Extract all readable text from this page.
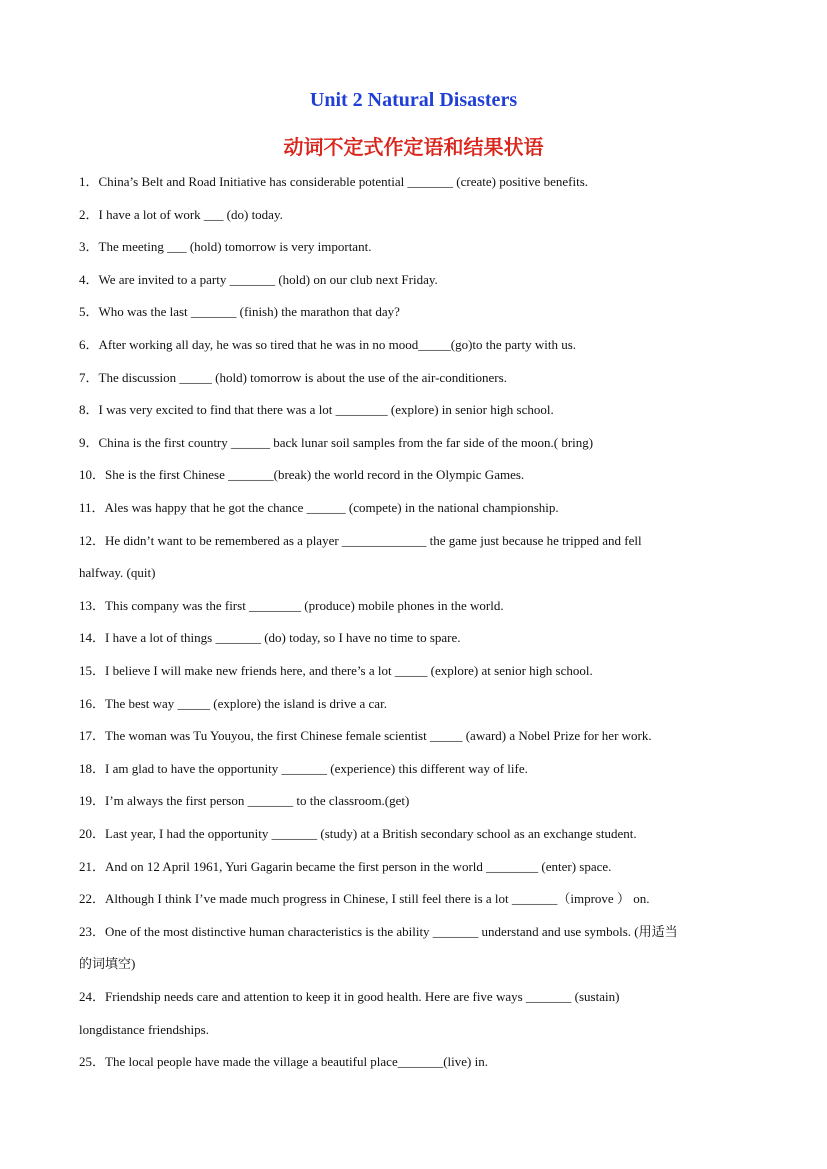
Unit 2 Natural Disasters
动词不定式作定语和结果状语
1．China’s Belt and Road Initiative has considerable potential _______ (create) positive benefits.
2．I have a lot of work ___ (do) today.
3．The meeting ___ (hold) tomorrow is very important.
4．We are invited to a party _______ (hold) on our club next Friday.
5．Who was the last _______ (finish) the marathon that day?
6．After working all day, he was so tired that he was in no mood_____(go)to the party with us.
7．The discussion _____ (hold) tomorrow is about the use of the air-conditioners.
8．I was very excited to find that there was a lot ________ (explore) in senior high school.
9．China is the first country ______ back lunar soil samples from the far side of the moon.( bring)
10．She is the first Chinese _______(break) the world record in the Olympic Games.
11．Ales was happy that he got the chance ______ (compete) in the national championship.
12．He didn’t want to be remembered as a player _____________ the game just because he tripped and fell
halfway. (quit)
13．This company was the first ________ (produce) mobile phones in the world.
14．I have a lot of things _______ (do) today, so I have no time to spare.
15．I believe I will make new friends here, and there’s a lot _____ (explore) at senior high school.
16．The best way _____ (explore) the island is drive a car.
17．The woman was Tu Youyou, the first Chinese female scientist _____ (award) a Nobel Prize for her work.
18．I am glad to have the opportunity _______ (experience) this different way of life.
19．I’m always the first person _______ to the classroom.(get)
20．Last year, I had the opportunity _______ (study) at a British secondary school as an exchange student.
21．And on 12 April 1961, Yuri Gagarin became the first person in the world ________ (enter) space.
22．Although I think I’ve made much progress in Chinese, I still feel there is a lot _______（improve ） on.
23．One of the most distinctive human characteristics is the ability _______ understand and use symbols. (用适当
的词填空)
24．Friendship needs care and attention to keep it in good health. Here are five ways _______ (sustain)
longdistance friendships.
25．The local people have made the village a beautiful place_______(live) in.
